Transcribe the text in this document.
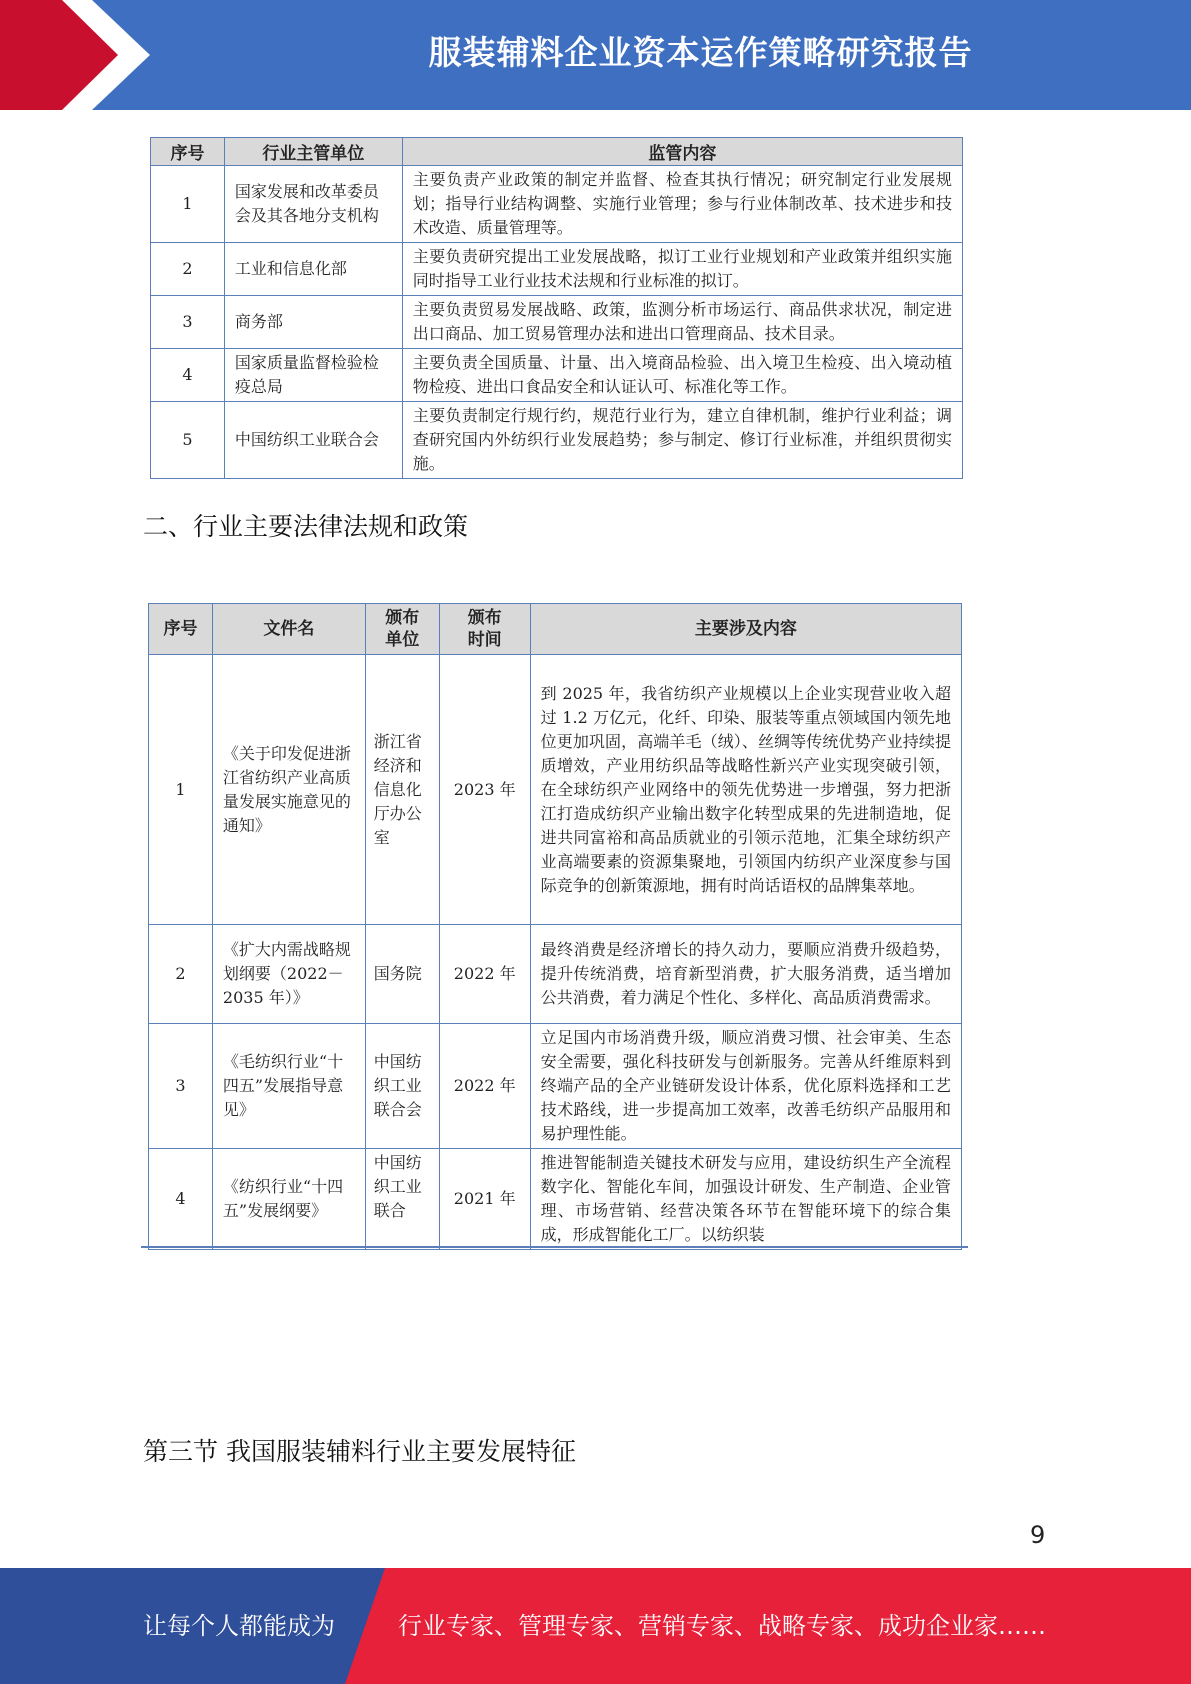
服装辅料企业资本运作策略研究报告
序号	行业主管单位	监管内容
1	国家发展和改革委员会及其各地分支机构	主要负责产业政策的制定并监督、检查其执行情况；研究制定行业发展规划；指导行业结构调整、实施行业管理；参与行业体制改革、技术进步和技术改造、质量管理等。
2	工业和信息化部	主要负责研究提出工业发展战略，拟订工业行业规划和产业政策并组织实施同时指导工业行业技术法规和行业标准的拟订。
3	商务部	主要负责贸易发展战略、政策，监测分析市场运行、商品供求状况，制定进出口商品、加工贸易管理办法和进出口管理商品、技术目录。
4	国家质量监督检验检疫总局	主要负责全国质量、计量、出入境商品检验、出入境卫生检疫、出入境动植物检疫、进出口食品安全和认证认可、标准化等工作。
5	中国纺织工业联合会	主要负责制定行规行约，规范行业行为，建立自律机制，维护行业利益；调查研究国内外纺织行业发展趋势；参与制定、修订行业标准，并组织贯彻实施。
二、行业主要法律法规和政策
序号	文件名	颁布单位	颁布时间	主要涉及内容
1	《关于印发促进浙江省纺织产业高质量发展实施意见的通知》	浙江省经济和信息化厅办公室	2023 年	到 2025 年，我省纺织产业规模以上企业实现营业收入超过 1.2 万亿元，化纤、印染、服装等重点领域国内领先地位更加巩固，高端羊毛（绒）、丝绸等传统优势产业持续提质增效，产业用纺织品等战略性新兴产业实现突破引领，在全球纺织产业网络中的领先优势进一步增强，努力把浙江打造成纺织产业输出数字化转型成果的先进制造地，促进共同富裕和高品质就业的引领示范地，汇集全球纺织产业高端要素的资源集聚地，引领国内纺织产业深度参与国际竞争的创新策源地，拥有时尚话语权的品牌集萃地。
2	《扩大内需战略规划纲要（2022－2035 年）》	国务院	2022 年	最终消费是经济增长的持久动力，要顺应消费升级趋势，提升传统消费，培育新型消费，扩大服务消费，适当增加公共消费，着力满足个性化、多样化、高品质消费需求。
3	《毛纺织行业“十四五”发展指导意见》	中国纺织工业联合会	2022 年	立足国内市场消费升级，顺应消费习惯、社会审美、生态安全需要，强化科技研发与创新服务。完善从纤维原料到终端产品的全产业链研发设计体系，优化原料选择和工艺技术路线，进一步提高加工效率，改善毛纺织产品服用和易护理性能。
4	《纺织行业“十四五”发展纲要》	中国纺织工业联合	2021 年	推进智能制造关键技术研发与应用，建设纺织生产全流程数字化、智能化车间，加强设计研发、生产制造、企业管理、市场营销、经营决策各环节在智能环境下的综合集成，形成智能化工厂。以纺织装
第三节 我国服装辅料行业主要发展特征
9
让每个人都能成为	行业专家、管理专家、营销专家、战略专家、成功企业家……
